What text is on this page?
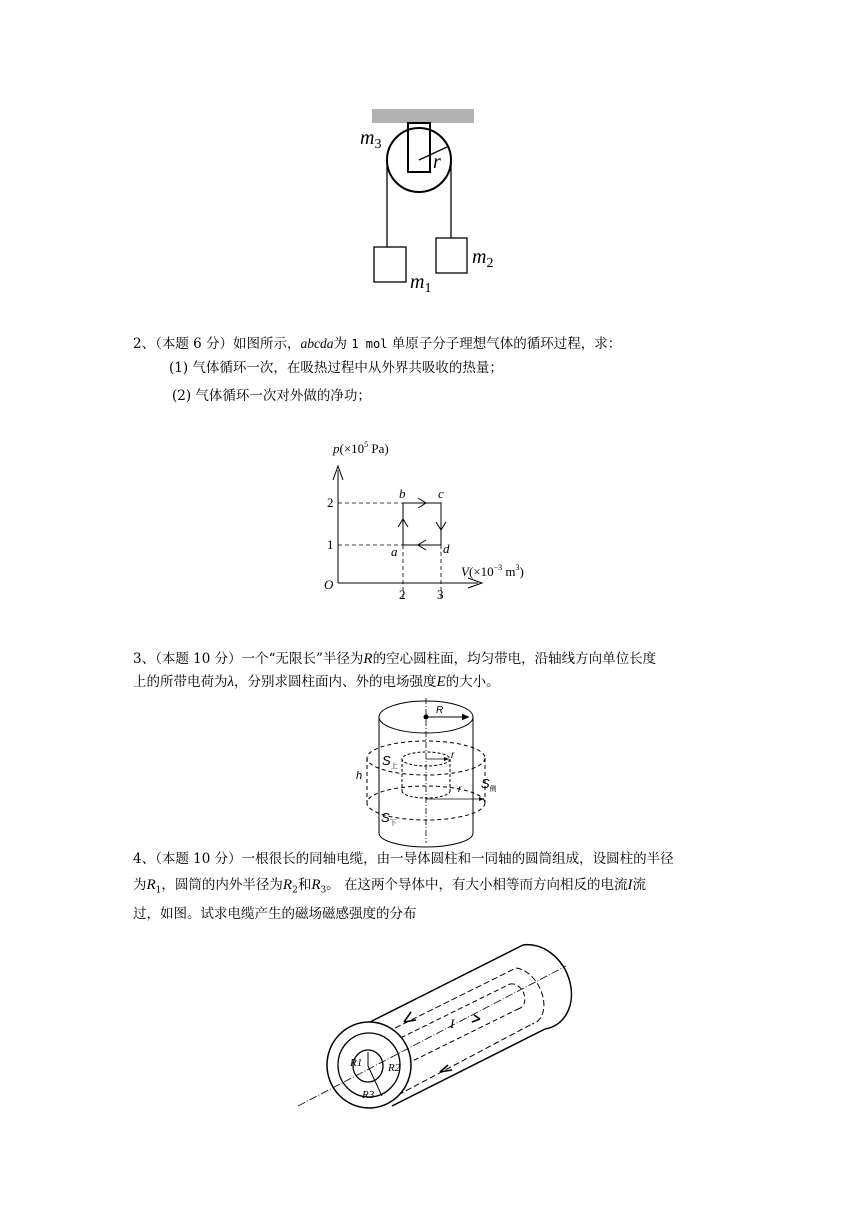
$m_3$
r
$m_2$
$m_1$
2、（本题 6 分）如图所示，abcda为 1 mol 单原子分子理想气体的循环过程，求：
(1) 气体循环一次，在吸热过程中从外界共吸收的热量；
(2) 气体循环一次对外做的净功；
$p(\times 10^5$ Pa)
$V(\times 10^{-3}$ $m^3$)
O
2
1
2 3
a
b	c
d
3、（本题 10 分）一个“无限长”半径为R的空心圆柱面，均匀带电，沿轴线方向单位长度
上的所带电荷为λ，分别求圆柱面内、外的电场强度E的大小。
R
r
r
h
$S_上$
$S_侧$
$S_下$
4、（本题 10 分）一根很长的同轴电缆，由一导体圆柱和一同轴的圆筒组成，设圆柱的半径
为$R_1$，圆筒的内外半径为$R_2$和$R_3$。 在这两个导体中，有大小相等而方向相反的电流I流
过，如图。试求电缆产生的磁场磁感强度的分布
I
R1 R2
R3
